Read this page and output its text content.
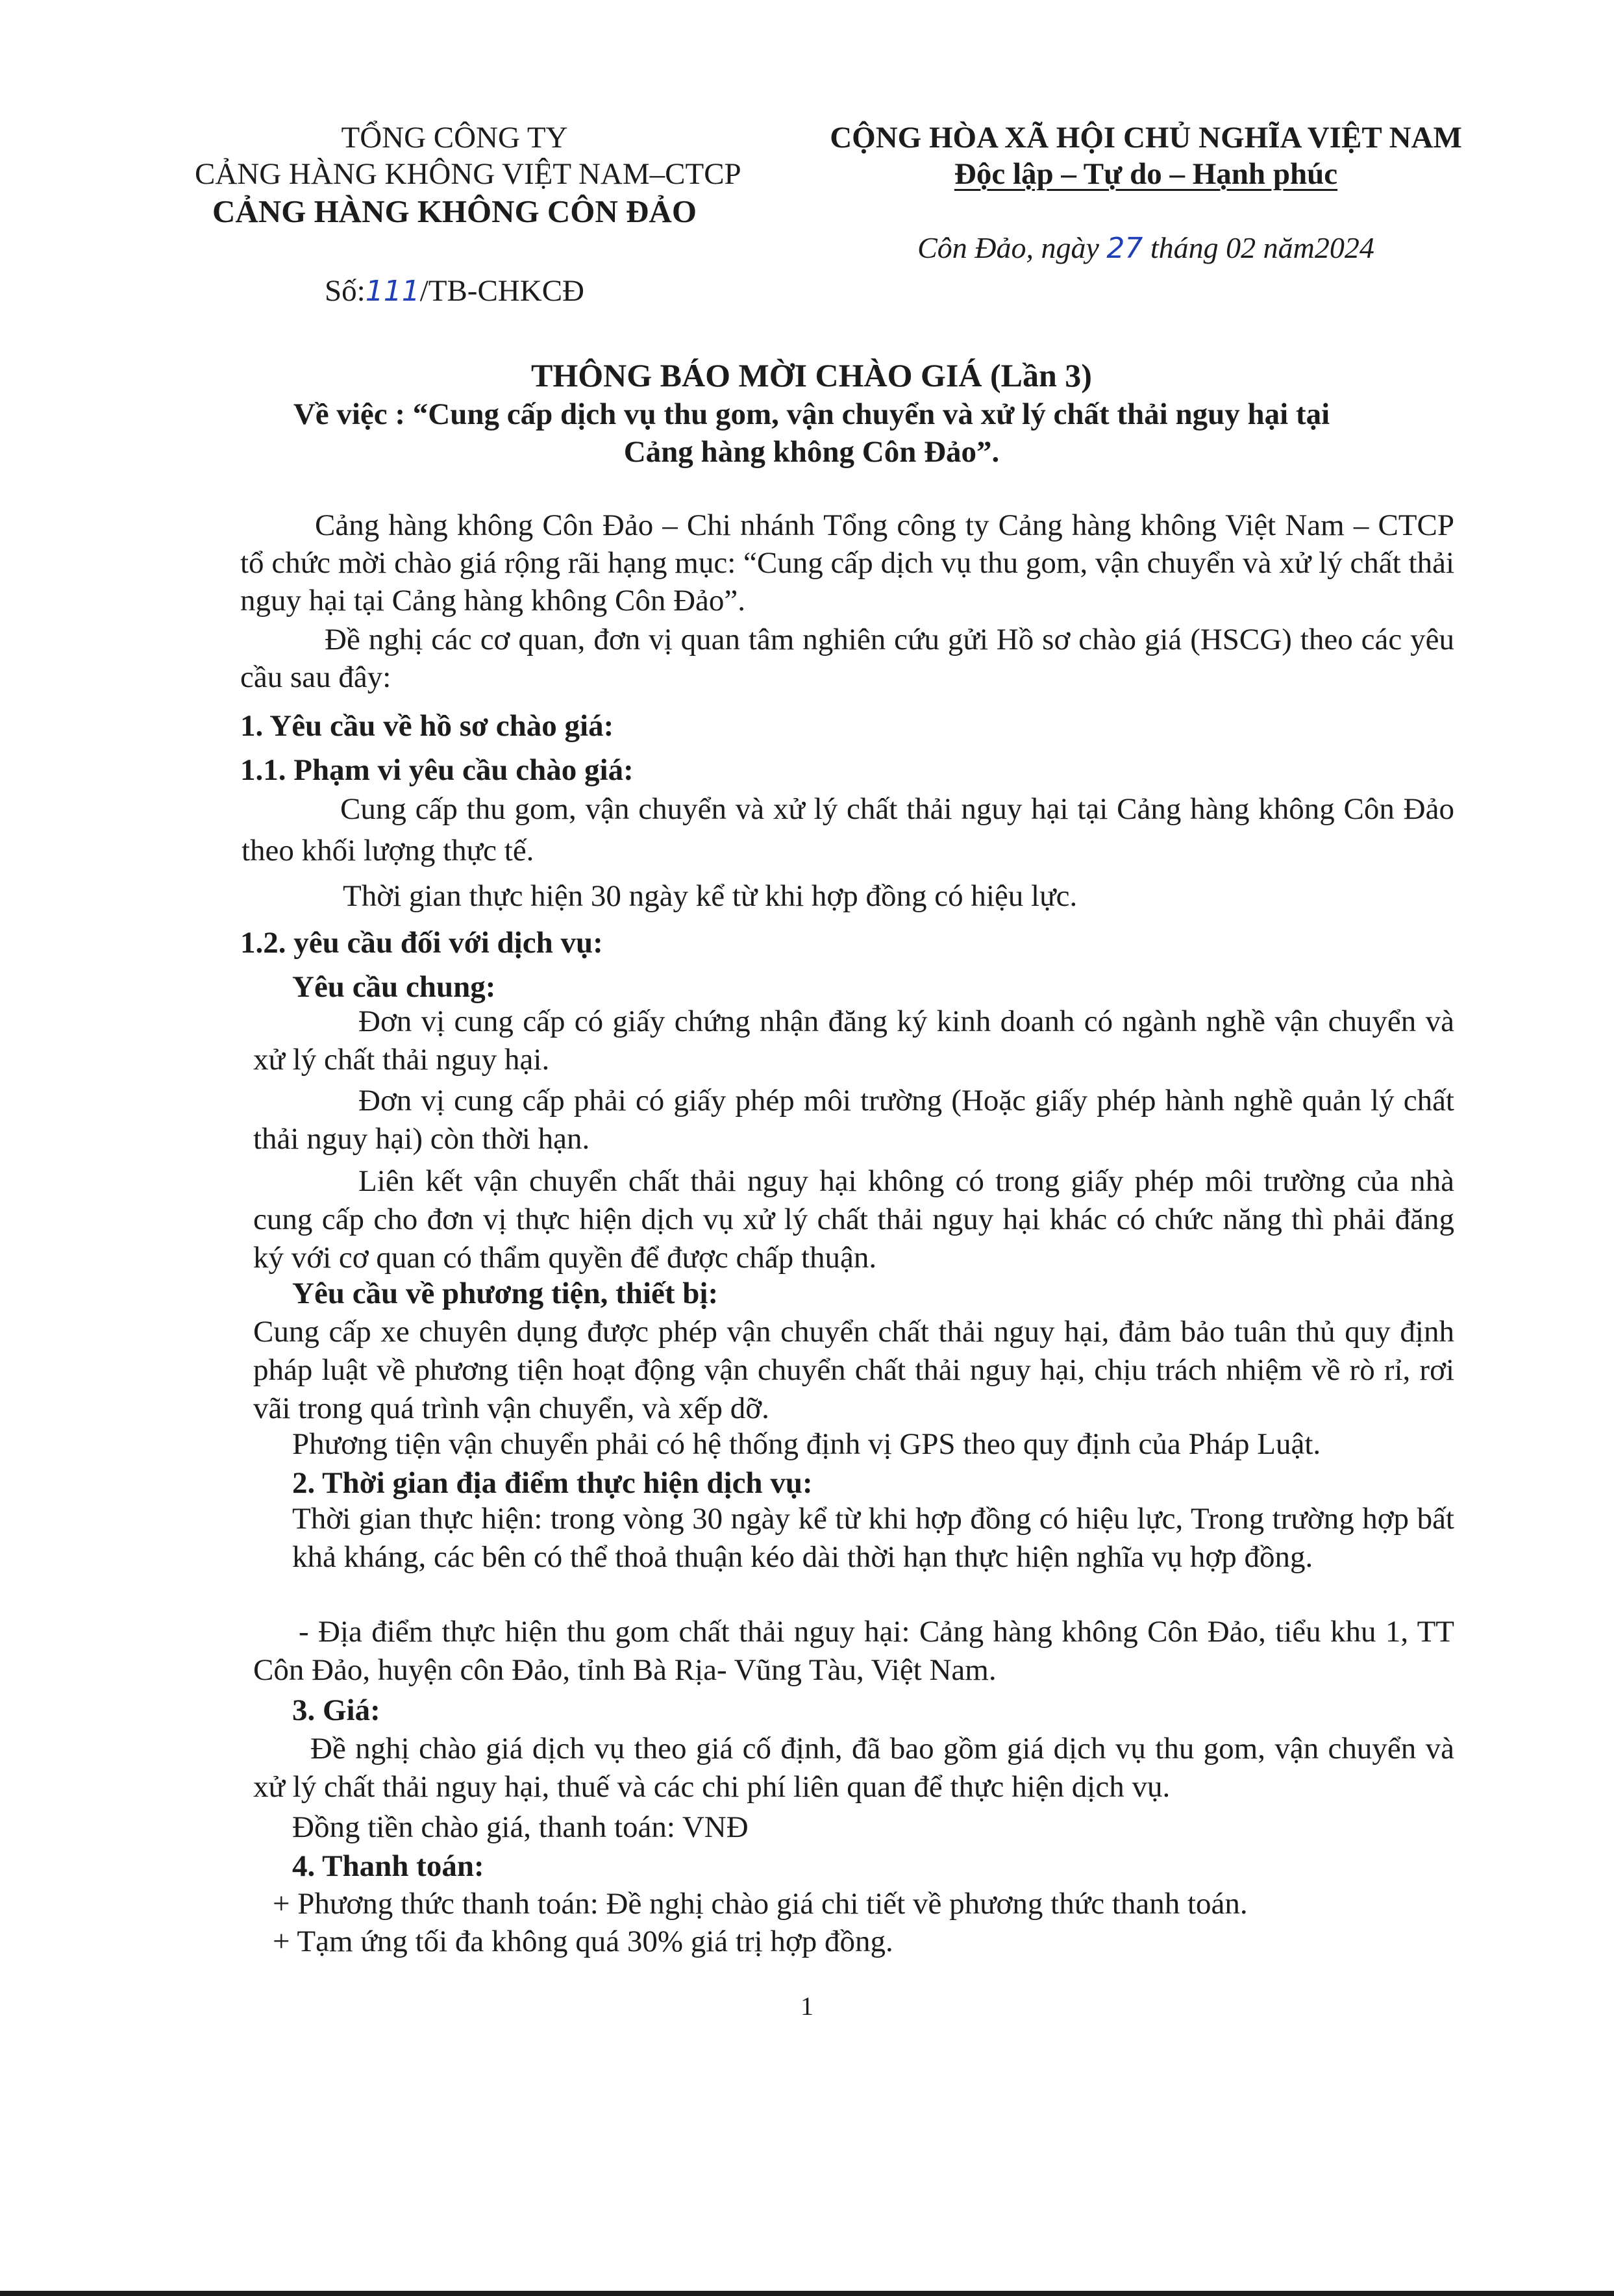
TỔNG CÔNG TY
CẢNG HÀNG KHÔNG VIỆT NAM–CTCP
CẢNG HÀNG KHÔNG CÔN ĐẢO
Số:111/TB-CHKCĐ
CỘNG HÒA XÃ HỘI CHỦ NGHĨA VIỆT NAM
Độc lập – Tự do – Hạnh phúc
Côn Đảo, ngày 27 tháng 02 năm2024
THÔNG BÁO MỜI CHÀO GIÁ (Lần 3)
Về việc : “Cung cấp dịch vụ thu gom, vận chuyển và xử lý chất thải nguy hại tại
Cảng hàng không Côn Đảo”.
Cảng hàng không Côn Đảo – Chi nhánh Tổng công ty Cảng hàng không Việt Nam – CTCP tổ chức mời chào giá rộng rãi hạng mục: “Cung cấp dịch vụ thu gom, vận chuyển và xử lý chất thải nguy hại tại Cảng hàng không Côn Đảo”.
Đề nghị các cơ quan, đơn vị quan tâm nghiên cứu gửi Hồ sơ chào giá (HSCG) theo các yêu cầu sau đây:
1. Yêu cầu về hồ sơ chào giá:
1.1. Phạm vi yêu cầu chào giá:
Cung cấp thu gom, vận chuyển và xử lý chất thải nguy hại tại Cảng hàng không Côn Đảo theo khối lượng thực tế.
Thời gian thực hiện 30 ngày kể từ khi hợp đồng có hiệu lực.
1.2. yêu cầu đối với dịch vụ:
Yêu cầu chung:
Đơn vị cung cấp có giấy chứng nhận đăng ký kinh doanh có ngành nghề vận chuyển và xử lý chất thải nguy hại.
Đơn vị cung cấp phải có giấy phép môi trường (Hoặc giấy phép hành nghề quản lý chất thải nguy hại) còn thời hạn.
Liên kết vận chuyển chất thải nguy hại không có trong giấy phép môi trường của nhà cung cấp cho đơn vị thực hiện dịch vụ xử lý chất thải nguy hại khác có chức năng thì phải đăng ký với cơ quan có thẩm quyền để được chấp thuận.
Yêu cầu về phương tiện, thiết bị:
Cung cấp xe chuyên dụng được phép vận chuyển chất thải nguy hại, đảm bảo tuân thủ quy định pháp luật về phương tiện hoạt động vận chuyển chất thải nguy hại, chịu trách nhiệm về rò rỉ, rơi vãi trong quá trình vận chuyển, và xếp dỡ.
Phương tiện vận chuyển phải có hệ thống định vị GPS theo quy định của Pháp Luật.
2. Thời gian địa điểm thực hiện dịch vụ:
Thời gian thực hiện: trong vòng 30 ngày kể từ khi hợp đồng có hiệu lực, Trong trường hợp bất khả kháng, các bên có thể thoả thuận kéo dài thời hạn thực hiện nghĩa vụ hợp đồng.
- Địa điểm thực hiện thu gom chất thải nguy hại: Cảng hàng không Côn Đảo, tiểu khu 1, TT Côn Đảo, huyện côn Đảo, tỉnh Bà Rịa- Vũng Tàu, Việt Nam.
3. Giá:
Đề nghị chào giá dịch vụ theo giá cố định, đã bao gồm giá dịch vụ thu gom, vận chuyển và xử lý chất thải nguy hại, thuế và các chi phí liên quan để thực hiện dịch vụ.
Đồng tiền chào giá, thanh toán: VNĐ
4. Thanh toán:
+ Phương thức thanh toán: Đề nghị chào giá chi tiết về phương thức thanh toán.
+ Tạm ứng tối đa không quá 30% giá trị hợp đồng.
1
